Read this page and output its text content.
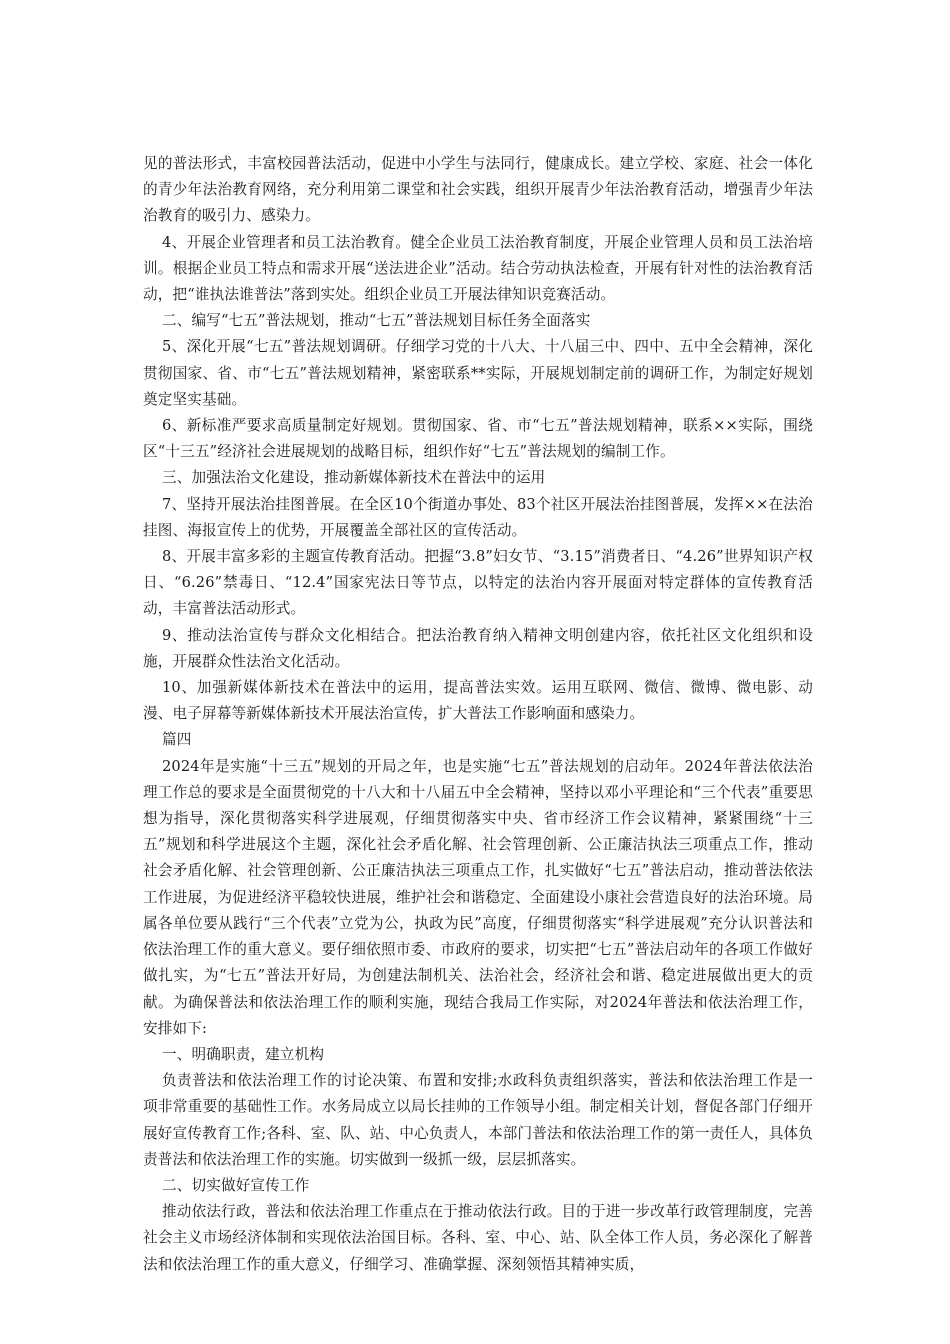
见的普法形式，丰富校园普法活动，促进中小学生与法同行，健康成长。建立学校、家庭、社会一体化的青少年法治教育网络，充分利用第二课堂和社会实践，组织开展青少年法治教育活动，增强青少年法治教育的吸引力、感染力。

4、开展企业管理者和员工法治教育。健全企业员工法治教育制度，开展企业管理人员和员工法治培训。根据企业员工特点和需求开展“送法进企业”活动。结合劳动执法检查，开展有针对性的法治教育活动，把“谁执法谁普法”落到实处。组织企业员工开展法律知识竞赛活动。

二、编写“七五”普法规划，推动“七五”普法规划目标任务全面落实

5、深化开展“七五”普法规划调研。仔细学习党的十八大、十八届三中、四中、五中全会精神，深化贯彻国家、省、市“七五”普法规划精神，紧密联系**实际，开展规划制定前的调研工作，为制定好规划奠定坚实基础。

6、新标准严要求高质量制定好规划。贯彻国家、省、市“七五”普法规划精神，联系××实际，围绕区“十三五”经济社会进展规划的战略目标，组织作好“七五”普法规划的编制工作。

三、加强法治文化建设，推动新媒体新技术在普法中的运用

7、坚持开展法治挂图普展。在全区10个街道办事处、83个社区开展法治挂图普展，发挥××在法治挂图、海报宣传上的优势，开展覆盖全部社区的宣传活动。

8、开展丰富多彩的主题宣传教育活动。把握“3.8”妇女节、“3.15”消费者日、“4.26”世界知识产权日、“6.26”禁毒日、“12.4”国家宪法日等节点，以特定的法治内容开展面对特定群体的宣传教育活动，丰富普法活动形式。

9、推动法治宣传与群众文化相结合。把法治教育纳入精神文明创建内容，依托社区文化组织和设施，开展群众性法治文化活动。

10、加强新媒体新技术在普法中的运用，提高普法实效。运用互联网、微信、微博、微电影、动漫、电子屏幕等新媒体新技术开展法治宣传，扩大普法工作影响面和感染力。

篇四

2024年是实施“十三五”规划的开局之年，也是实施“七五”普法规划的启动年。2024年普法依法治理工作总的要求是全面贯彻党的十八大和十八届五中全会精神，坚持以邓小平理论和“三个代表”重要思想为指导，深化贯彻落实科学进展观，仔细贯彻落实中央、省市经济工作会议精神，紧紧围绕“十三五”规划和科学进展这个主题，深化社会矛盾化解、社会管理创新、公正廉洁执法三项重点工作，推动社会矛盾化解、社会管理创新、公正廉洁执法三项重点工作，扎实做好“七五”普法启动，推动普法依法工作进展，为促进经济平稳较快进展，维护社会和谐稳定、全面建设小康社会营造良好的法治环境。局属各单位要从践行“三个代表”立党为公，执政为民”高度，仔细贯彻落实“科学进展观”充分认识普法和依法治理工作的重大意义。要仔细依照市委、市政府的要求，切实把“七五”普法启动年的各项工作做好做扎实，为“七五”普法开好局，为创建法制机关、法治社会，经济社会和谐、稳定进展做出更大的贡献。为确保普法和依法治理工作的顺利实施，现结合我局工作实际，对2024年普法和依法治理工作，安排如下:

一、明确职责，建立机构

负责普法和依法治理工作的讨论决策、布置和安排;水政科负责组织落实，普法和依法治理工作是一项非常重要的基础性工作。水务局成立以局长挂帅的工作领导小组。制定相关计划，督促各部门仔细开展好宣传教育工作;各科、室、队、站、中心负责人，本部门普法和依法治理工作的第一责任人，具体负责普法和依法治理工作的实施。切实做到一级抓一级，层层抓落实。

二、切实做好宣传工作

推动依法行政，普法和依法治理工作重点在于推动依法行政。目的于进一步改革行政管理制度，完善社会主义市场经济体制和实现依法治国目标。各科、室、中心、站、队全体工作人员，务必深化了解普法和依法治理工作的重大意义，仔细学习、准确掌握、深刻领悟其精神实质，
